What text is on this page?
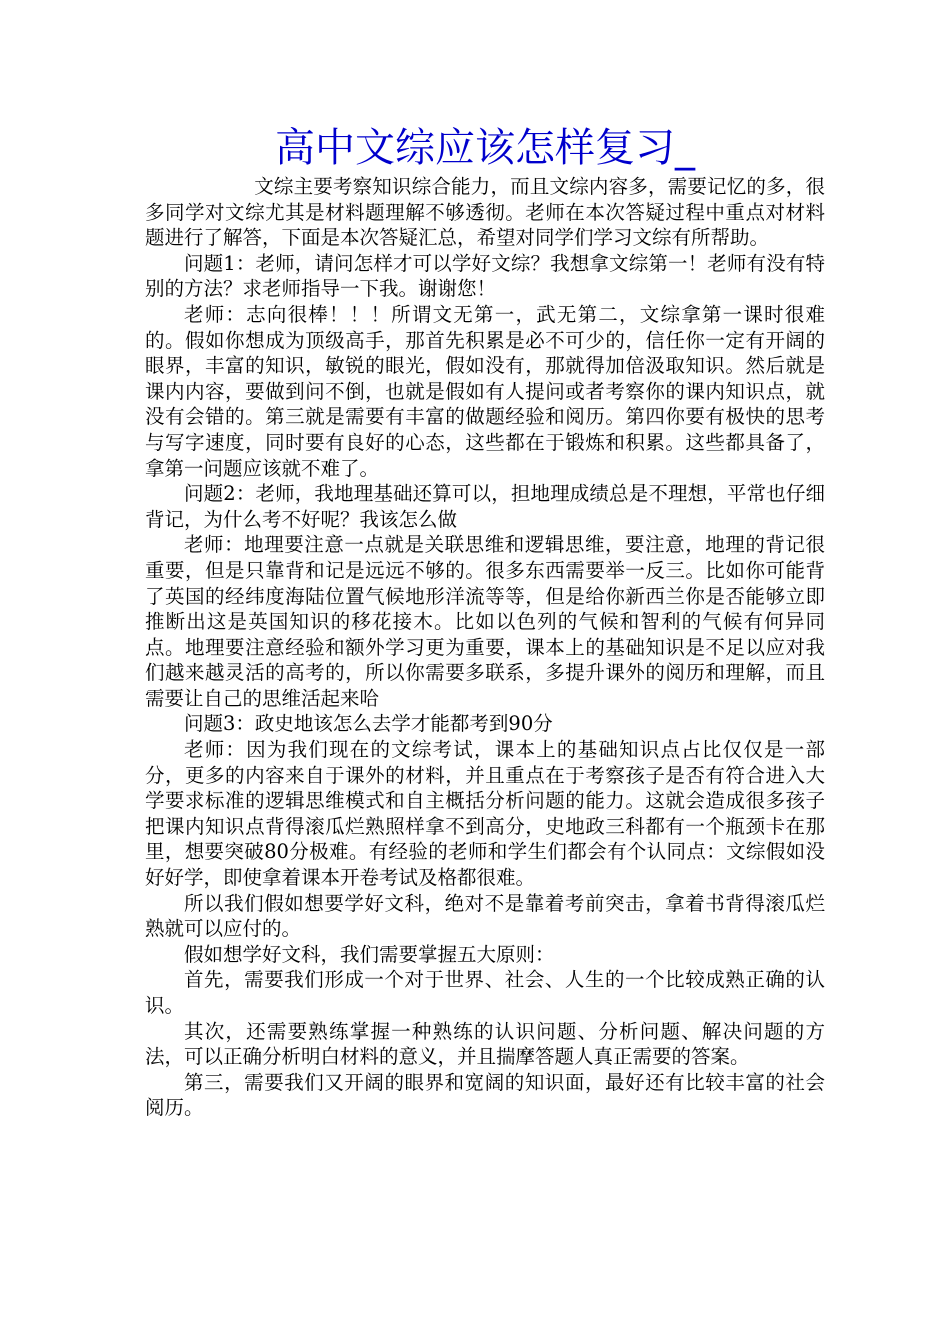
高中文综应该怎样复习_

文综主要考察知识综合能力，而且文综内容多，需要记忆的多，很多同学对文综尤其是材料题理解不够透彻。老师在本次答疑过程中重点对材料题进行了解答，下面是本次答疑汇总，希望对同学们学习文综有所帮助。

问题1：老师，请问怎样才可以学好文综？我想拿文综第一！老师有没有特别的方法？求老师指导一下我。谢谢您！

老师：志向很棒！！！所谓文无第一，武无第二，文综拿第一课时很难的。假如你想成为顶级高手，那首先积累是必不可少的，信任你一定有开阔的眼界，丰富的知识，敏锐的眼光，假如没有，那就得加倍汲取知识。然后就是课内内容，要做到问不倒，也就是假如有人提问或者考察你的课内知识点，就没有会错的。第三就是需要有丰富的做题经验和阅历。第四你要有极快的思考与写字速度，同时要有良好的心态，这些都在于锻炼和积累。这些都具备了，拿第一问题应该就不难了。

问题2：老师，我地理基础还算可以，担地理成绩总是不理想，平常也仔细背记，为什么考不好呢？我该怎么做

老师：地理要注意一点就是关联思维和逻辑思维，要注意，地理的背记很重要，但是只靠背和记是远远不够的。很多东西需要举一反三。比如你可能背了英国的经纬度海陆位置气候地形洋流等等，但是给你新西兰你是否能够立即推断出这是英国知识的移花接木。比如以色列的气候和智利的气候有何异同点。地理要注意经验和额外学习更为重要，课本上的基础知识是不足以应对我们越来越灵活的高考的，所以你需要多联系，多提升课外的阅历和理解，而且需要让自己的思维活起来哈

问题3：政史地该怎么去学才能都考到90分

老师：因为我们现在的文综考试，课本上的基础知识点占比仅仅是一部分，更多的内容来自于课外的材料，并且重点在于考察孩子是否有符合进入大学要求标准的逻辑思维模式和自主概括分析问题的能力。这就会造成很多孩子把课内知识点背得滚瓜烂熟照样拿不到高分，史地政三科都有一个瓶颈卡在那里，想要突破80分极难。有经验的老师和学生们都会有个认同点：文综假如没好好学，即使拿着课本开卷考试及格都很难。

所以我们假如想要学好文科，绝对不是靠着考前突击，拿着书背得滚瓜烂熟就可以应付的。

假如想学好文科，我们需要掌握五大原则：

首先，需要我们形成一个对于世界、社会、人生的一个比较成熟正确的认识。

其次，还需要熟练掌握一种熟练的认识问题、分析问题、解决问题的方法，可以正确分析明白材料的意义，并且揣摩答题人真正需要的答案。

第三，需要我们又开阔的眼界和宽阔的知识面，最好还有比较丰富的社会阅历。
